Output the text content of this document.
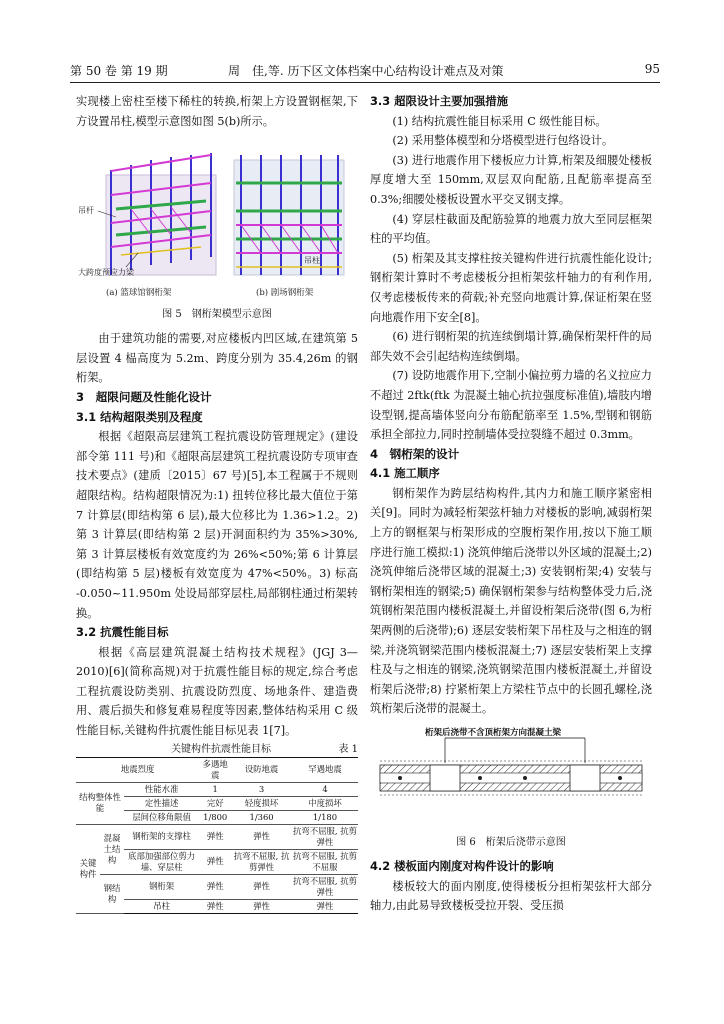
第 50 卷 第 19 期	周　佳,等. 历下区文体档案中心结构设计难点及对策	95

实现楼上密柱至楼下稀柱的转换,桁架上方设置钢框架,下方设置吊柱,模型示意图如图 5(b)所示。

吊杆
大跨度预应力梁
(a) 篮球馆钢桁架
吊柱
(b) 剧场钢桁架
图 5　钢桁架模型示意图

由于建筑功能的需要,对应楼板内凹区域,在建筑第 5 层设置 4 榀高度为 5.2m、跨度分别为 35.4,26m 的钢桁架。

3　超限问题及性能化设计
3.1 结构超限类别及程度

根据《超限高层建筑工程抗震设防管理规定》(建设部令第 111 号)和《超限高层建筑工程抗震设防专项审查技术要点》(建质〔2015〕67 号)[5],本工程属于不规则超限结构。结构超限情况为:1) 扭转位移比最大值位于第 7 计算层(即结构第 6 层),最大位移比为 1.36>1.2。2) 第 3 计算层(即结构第 2 层)开洞面积约为 35%>30%,第 3 计算层楼板有效宽度约为 26%<50%;第 6 计算层(即结构第 5 层)楼板有效宽度为 47%<50%。3) 标高 -0.050~11.950m 处设局部穿层柱,局部钢柱通过桁架转换。

3.2 抗震性能目标

根据《高层建筑混凝土结构技术规程》(JGJ 3—2010)[6](简称高规)对于抗震性能目标的规定,综合考虑工程抗震设防类别、抗震设防烈度、场地条件、建造费用、震后损失和修复难易程度等因素,整体结构采用 C 级性能目标,关键构件抗震性能目标见表 1[7]。

关键构件抗震性能目标	表 1
地震烈度			多遇地震	设防地震	罕遇地震
结构整体性能		性能水准	1	3	4
		定性描述	完好	轻度损坏	中度损坏
		层间位移角限值	1/800	1/360	1/180
关键构件	混凝土结构	钢桁架的支撑柱	弹性	弹性	抗弯不屈服, 抗剪弹性
		底部加强部位剪力墙、穿层柱	弹性	抗弯不屈服, 抗剪弹性	抗弯不屈服, 抗剪不屈服
	钢结构	钢桁架	弹性	弹性	抗弯不屈服, 抗剪弹性
		吊柱	弹性	弹性	弹性
3.3 超限设计主要加强措施

(1) 结构抗震性能目标采用 C 级性能目标。

(2) 采用整体模型和分塔模型进行包络设计。

(3) 进行地震作用下楼板应力计算,桁架及细腰处楼板厚度增大至 150mm,双层双向配筋,且配筋率提高至 0.3%;细腰处楼板设置水平交叉钢支撑。

(4) 穿层柱截面及配筋验算的地震力放大至同层框架柱的平均值。

(5) 桁架及其支撑柱按关键构件进行抗震性能化设计;钢桁架计算时不考虑楼板分担桁架弦杆轴力的有利作用,仅考虑楼板传来的荷载;补充竖向地震计算,保证桁架在竖向地震作用下安全[8]。

(6) 进行钢桁架的抗连续倒塌计算,确保桁架杆件的局部失效不会引起结构连续倒塌。

(7) 设防地震作用下,空制小偏拉剪力墙的名义拉应力不超过 2ftk(ftk 为混凝土轴心抗拉强度标准值),墙肢内增设型钢,提高墙体竖向分布筋配筋率至 1.5%,型钢和钢筋承担全部拉力,同时控制墙体受拉裂缝不超过 0.3mm。

4　钢桁架的设计
4.1 施工顺序

钢桁架作为跨层结构构件,其内力和施工顺序紧密相关[9]。同时为减轻桁架弦杆轴力对楼板的影响,减弱桁架上方的钢框架与桁架形成的空腹桁架作用,按以下施工顺序进行施工模拟:1) 浇筑伸缩后浇带以外区域的混凝土;2) 浇筑伸缩后浇带区域的混凝土;3) 安装钢桁架;4) 安装与钢桁架相连的钢梁;5) 确保钢桁架参与结构整体受力后,浇筑钢桁架范围内楼板混凝土,并留设桁架后浇带(图 6,为桁架两侧的后浇带);6) 逐层安装桁架下吊柱及与之相连的钢梁,并浇筑钢梁范围内楼板混凝土;7) 逐层安装桁架上支撑柱及与之相连的钢梁,浇筑钢梁范围内楼板混凝土,并留设桁架后浇带;8) 拧紧桁架上方梁柱节点中的长圆孔螺栓,浇筑桁架后浇带的混凝土。

桁架后浇带不含顶桁架方向混凝土梁
图 6　桁架后浇带示意图
4.2 楼板面内刚度对构件设计的影响

楼板较大的面内刚度,使得楼板分担桁架弦杆大部分轴力,由此易导致楼板受拉开裂、受压损
